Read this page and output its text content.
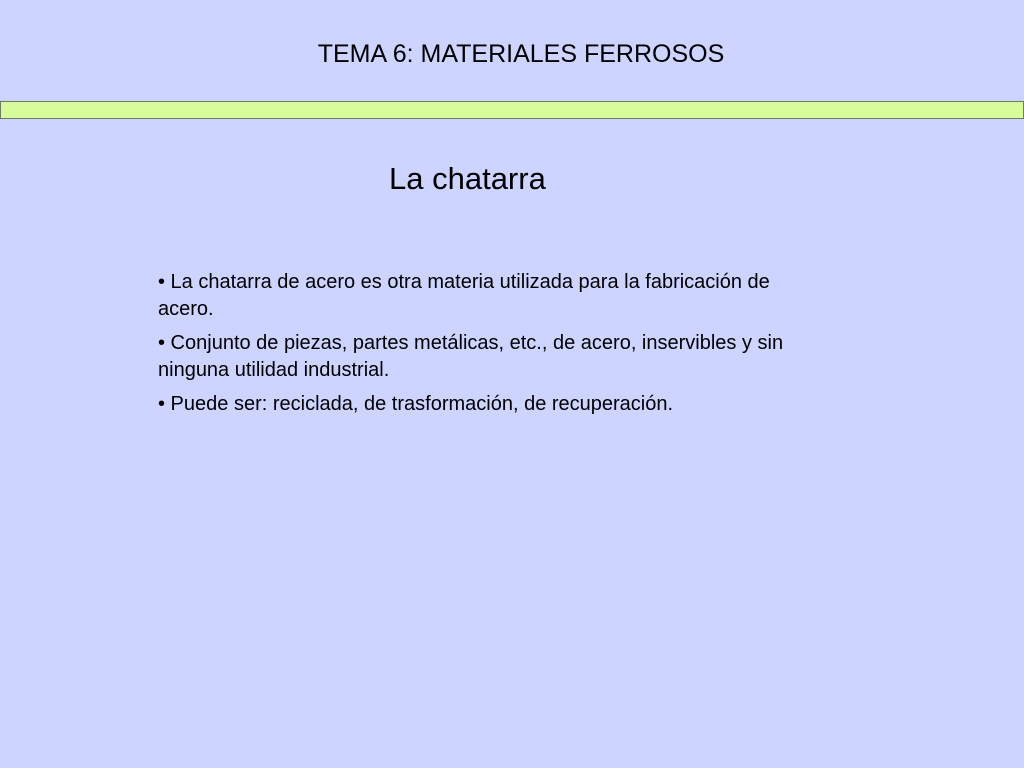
TEMA 6: MATERIALES FERROSOS
La chatarra

• La chatarra de acero es otra materia utilizada para la fabricación de acero.

• Conjunto de piezas, partes metálicas, etc., de acero, inservibles y sin ninguna utilidad industrial.

• Puede ser: reciclada, de trasformación, de recuperación.
